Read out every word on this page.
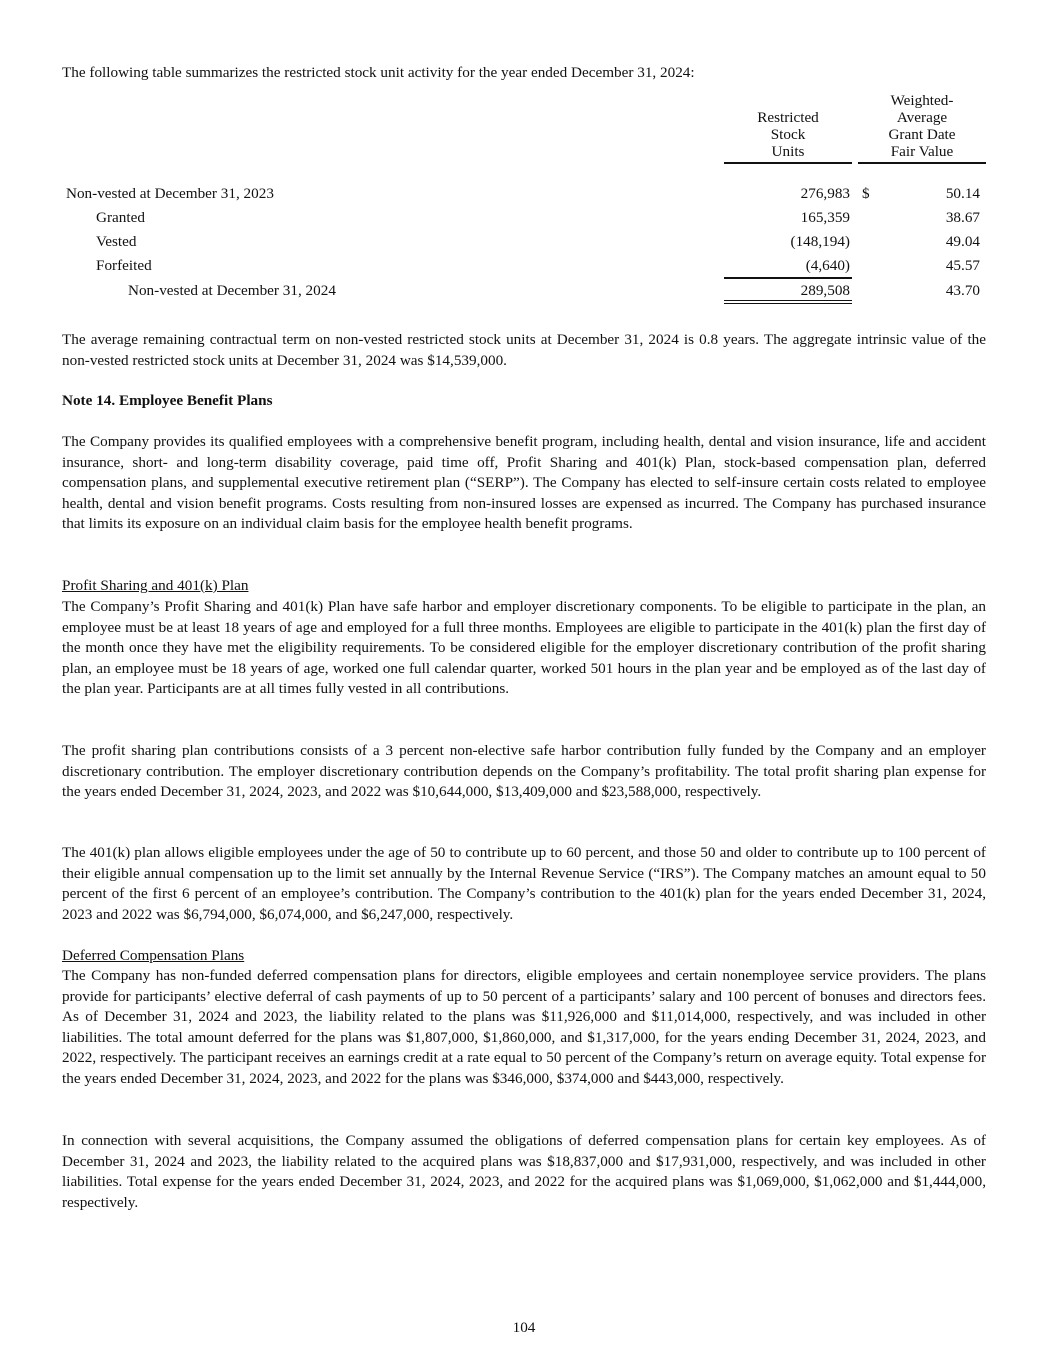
The following table summarizes the restricted stock unit activity for the year ended December 31, 2024:

Restricted
Stock
Units
Weighted-
Average
Grant Date
Fair Value
Non-vested at December 31, 2023	276,983 $	50.14
Granted	165,359	38.67
Vested	(148,194)	49.04
Forfeited	(4,640)	45.57
Non-vested at December 31, 2024	289,508	43.70

The average remaining contractual term on non-vested restricted stock units at December 31, 2024 is 0.8 years. The aggregate intrinsic value of the non-vested restricted stock units at December 31, 2024 was $14,539,000.

Note 14. Employee Benefit Plans

The Company provides its qualified employees with a comprehensive benefit program, including health, dental and vision insurance, life and accident insurance, short- and long-term disability coverage, paid time off, Profit Sharing and 401(k) Plan, stock-based compensation plan, deferred compensation plans, and supplemental executive retirement plan (“SERP”). The Company has elected to self-insure certain costs related to employee health, dental and vision benefit programs. Costs resulting from non-insured losses are expensed as incurred. The Company has purchased insurance that limits its exposure on an individual claim basis for the employee health benefit programs.

Profit Sharing and 401(k) Plan

The Company’s Profit Sharing and 401(k) Plan have safe harbor and employer discretionary components. To be eligible to participate in the plan, an employee must be at least 18 years of age and employed for a full three months. Employees are eligible to participate in the 401(k) plan the first day of the month once they have met the eligibility requirements. To be considered eligible for the employer discretionary contribution of the profit sharing plan, an employee must be 18 years of age, worked one full calendar quarter, worked 501 hours in the plan year and be employed as of the last day of the plan year. Participants are at all times fully vested in all contributions.

The profit sharing plan contributions consists of a 3 percent non-elective safe harbor contribution fully funded by the Company and an employer discretionary contribution. The employer discretionary contribution depends on the Company’s profitability. The total profit sharing plan expense for the years ended December 31, 2024, 2023, and 2022 was $10,644,000, $13,409,000 and $23,588,000, respectively.

The 401(k) plan allows eligible employees under the age of 50 to contribute up to 60 percent, and those 50 and older to contribute up to 100 percent of their eligible annual compensation up to the limit set annually by the Internal Revenue Service (“IRS”). The Company matches an amount equal to 50 percent of the first 6 percent of an employee’s contribution. The Company’s contribution to the 401(k) plan for the years ended December 31, 2024, 2023 and 2022 was $6,794,000, $6,074,000, and $6,247,000, respectively.

Deferred Compensation Plans

The Company has non-funded deferred compensation plans for directors, eligible employees and certain nonemployee service providers. The plans provide for participants’ elective deferral of cash payments of up to 50 percent of a participants’ salary and 100 percent of bonuses and directors fees. As of December 31, 2024 and 2023, the liability related to the plans was $11,926,000 and $11,014,000, respectively, and was included in other liabilities. The total amount deferred for the plans was $1,807,000, $1,860,000, and $1,317,000, for the years ending December 31, 2024, 2023, and 2022, respectively. The participant receives an earnings credit at a rate equal to 50 percent of the Company’s return on average equity. Total expense for the years ended December 31, 2024, 2023, and 2022 for the plans was $346,000, $374,000 and $443,000, respectively.

In connection with several acquisitions, the Company assumed the obligations of deferred compensation plans for certain key employees. As of December 31, 2024 and 2023, the liability related to the acquired plans was $18,837,000 and $17,931,000, respectively, and was included in other liabilities. Total expense for the years ended December 31, 2024, 2023, and 2022 for the acquired plans was $1,069,000, $1,062,000 and $1,444,000, respectively.

104
